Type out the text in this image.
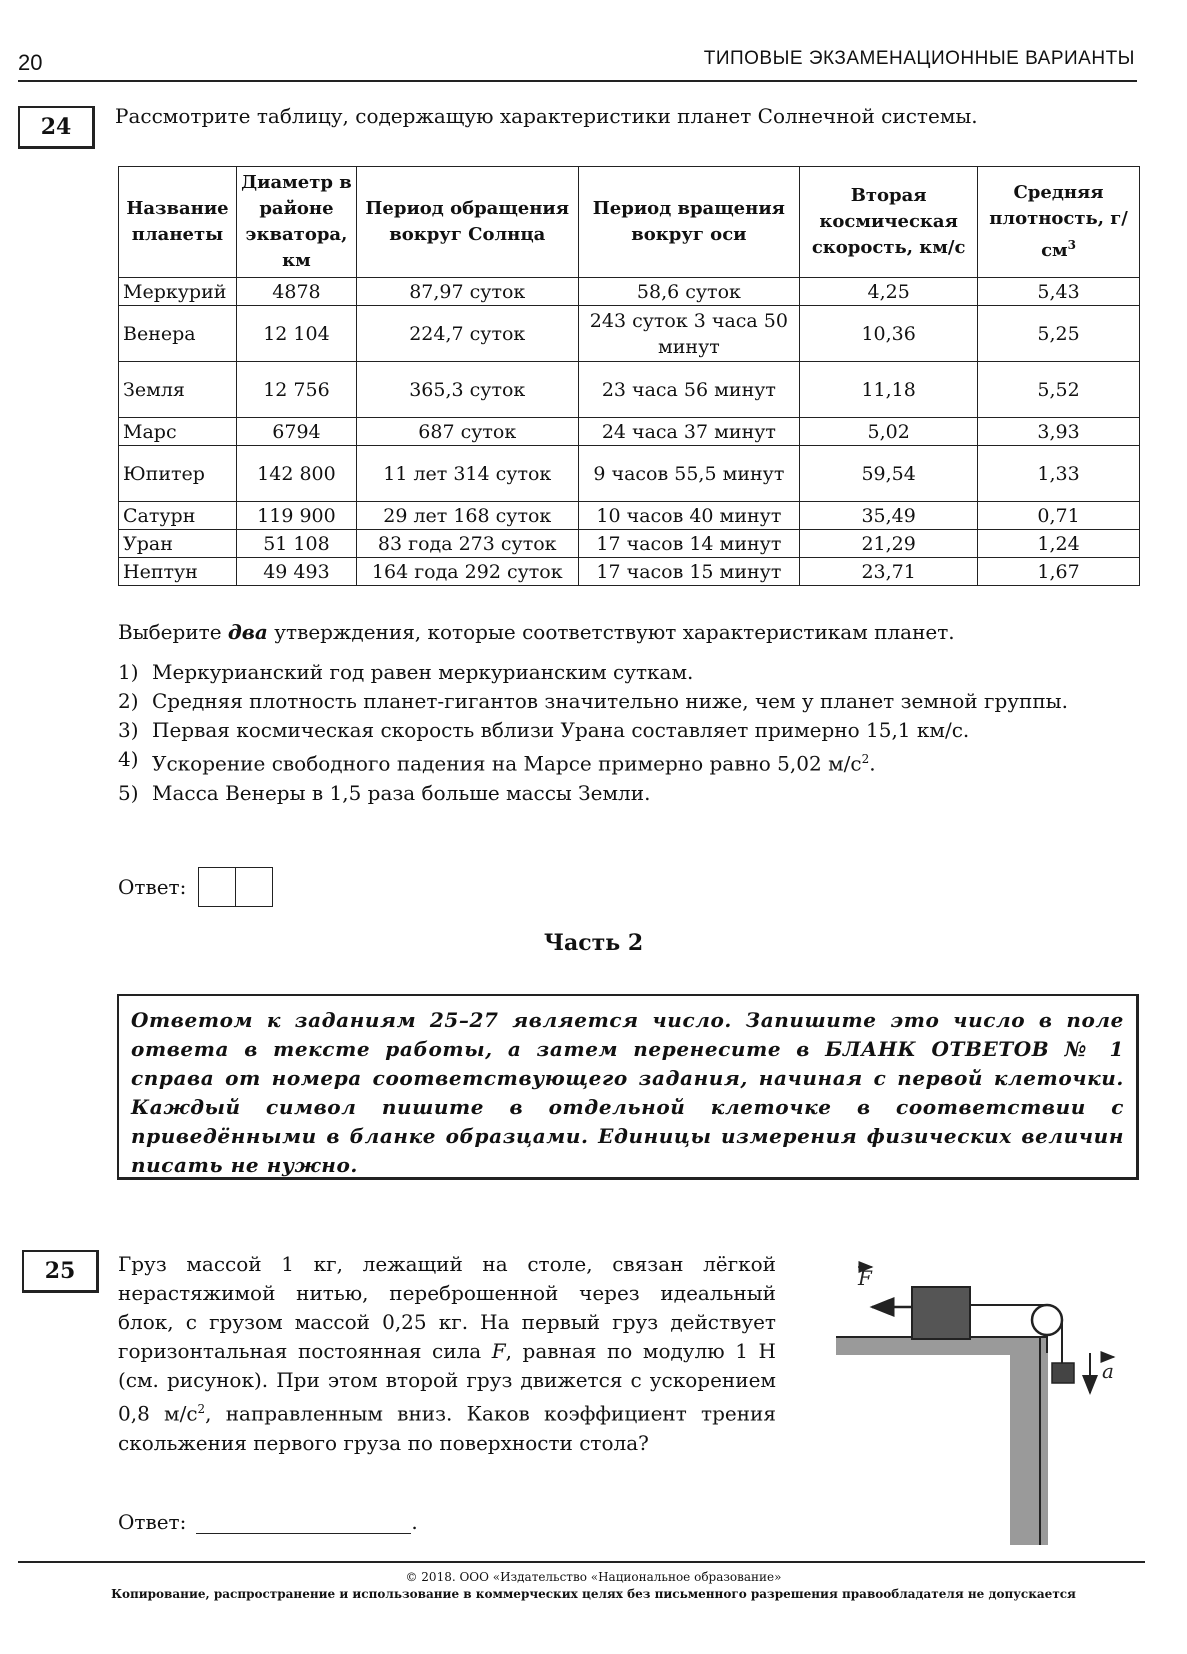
20	ТИПОВЫЕ ЭКЗАМЕНАЦИОННЫЕ ВАРИАНТЫ
24	Рассмотрите таблицу, содержащую характеристики планет Солнечной системы.
Название планеты	Диаметр в районе экватора, км	Период обращения вокруг Солнца	Период вращения вокруг оси	Вторая космическая скорость, км/с	Средняя плотность, $г/см^3$
Меркурий	4878	87,97 суток	58,6 суток	4,25	5,43
Венера	12 104	224,7 суток	243 суток 3 часа 50 минут	10,36	5,25
Земля	12 756	365,3 суток	23 часа 56 минут	11,18	5,52
Марс	6794	687 суток	24 часа 37 минут	5,02	3,93
Юпитер	142 800	11 лет 314 суток	9 часов 55,5 минут	59,54	1,33
Сатурн	119 900	29 лет 168 суток	10 часов 40 минут	35,49	0,71
Уран	51 108	83 года 273 суток	17 часов 14 минут	21,29	1,24
Нептун	49 493	164 года 292 суток	17 часов 15 минут	23,71	1,67
Выберите два утверждения, которые соответствуют характеристикам планет.
1) Меркурианский год равен меркурианским суткам.
2) Средняя плотность планет-гигантов значительно ниже, чем у планет земной группы.
3) Первая космическая скорость вблизи Урана составляет примерно 15,1 км/с.
4) Ускорение свободного падения на Марсе примерно равно 5,02 $м/с^2$.
5) Масса Венеры в 1,5 раза больше массы Земли.
Ответ:
Часть 2
Ответом к заданиям 25–27 является число. Запишите это число в поле ответа в тексте работы, а затем перенесите в БЛАНК ОТВЕТОВ № 1 справа от номера соответствующего задания, начиная с первой клеточки. Каждый символ пишите в отдельной клеточке в соответствии с приведёнными в бланке образцами. Единицы измерения физических величин писать не нужно.
25	Груз массой 1 кг, лежащий на столе, связан лёгкой нерастяжимой нитью, переброшенной через идеальный блок, с грузом массой 0,25 кг. На первый груз действует горизонтальная постоянная сила F, равная по модулю 1 Н (см. рисунок). При этом второй груз движется с ускорением 0,8 $м/с^2$, направленным вниз. Каков коэффициент трения скольжения первого груза по поверхности стола?
Ответ:	.
F
a
© 2018. ООО «Издательство «Национальное образование»
Копирование, распространение и использование в коммерческих целях без письменного разрешения правообладателя не допускается
